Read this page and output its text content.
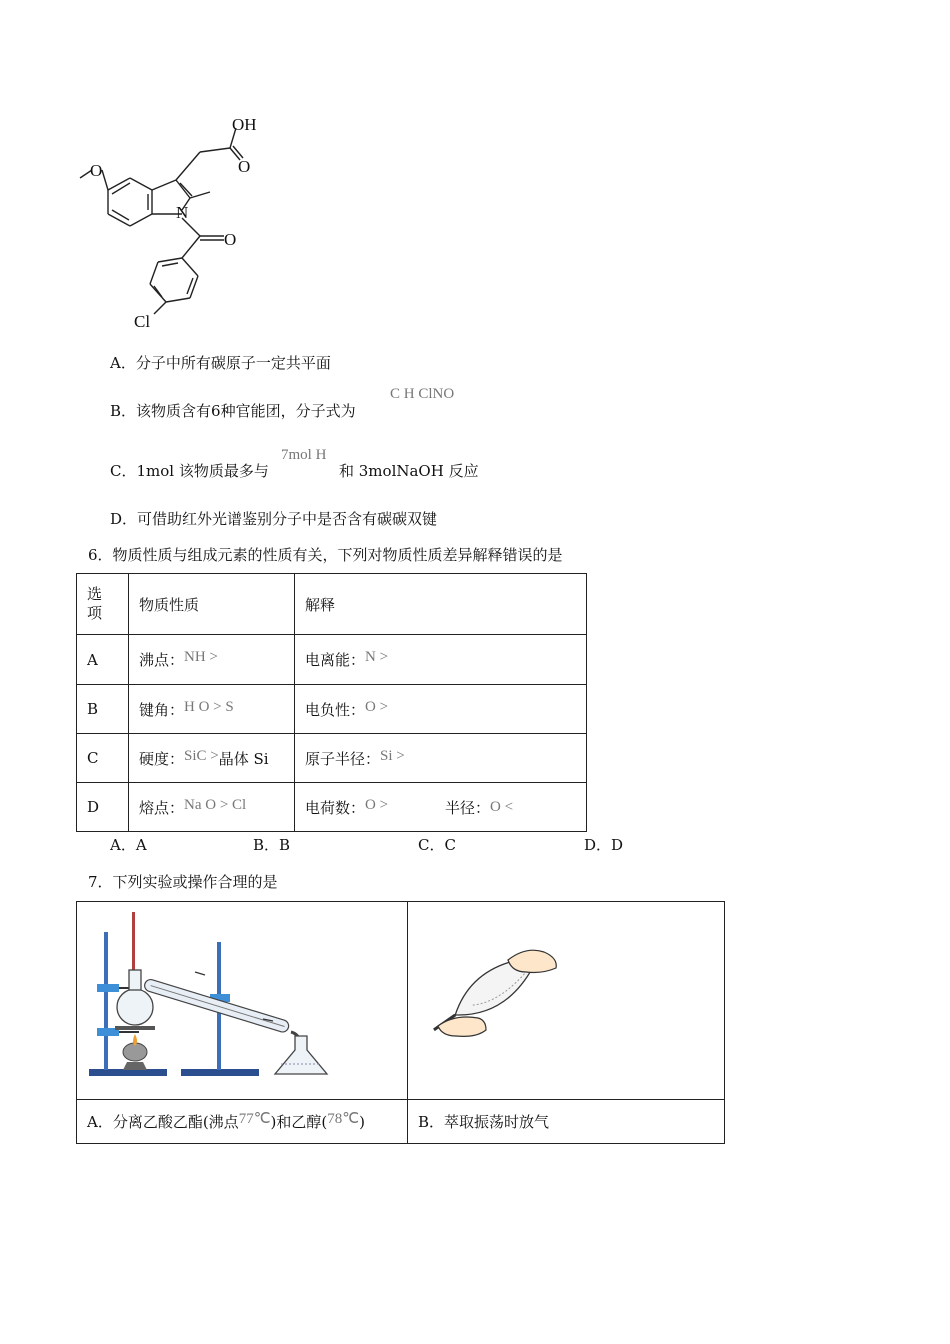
OH
O
O
N
O
Cl
A．分子中所有碳原子一定共平面
B．该物质含有6种官能团，分子式为
C H ClNO
C．1mol 该物质最多与
7mol H
和 3molNaOH 反应
D．可借助红外光谱鉴别分子中是否含有碳碳双键
6．物质性质与组成元素的性质有关，下列对物质性质差异解释错误的是
选项	物质性质	解释
A	沸点：NH >	电离能：N >
B	键角：H O > S	电负性：O >
C	硬度：SiC >晶体 Si	原子半径：Si >
D	熔点：Na O > Cl	电荷数：O > 半径：O <
A．A	B．B	C．C	D．D
7．下列实验或操作合理的是

A．分离乙酸乙酯(沸点77℃)和乙醇(78℃)	B．萃取振荡时放气
